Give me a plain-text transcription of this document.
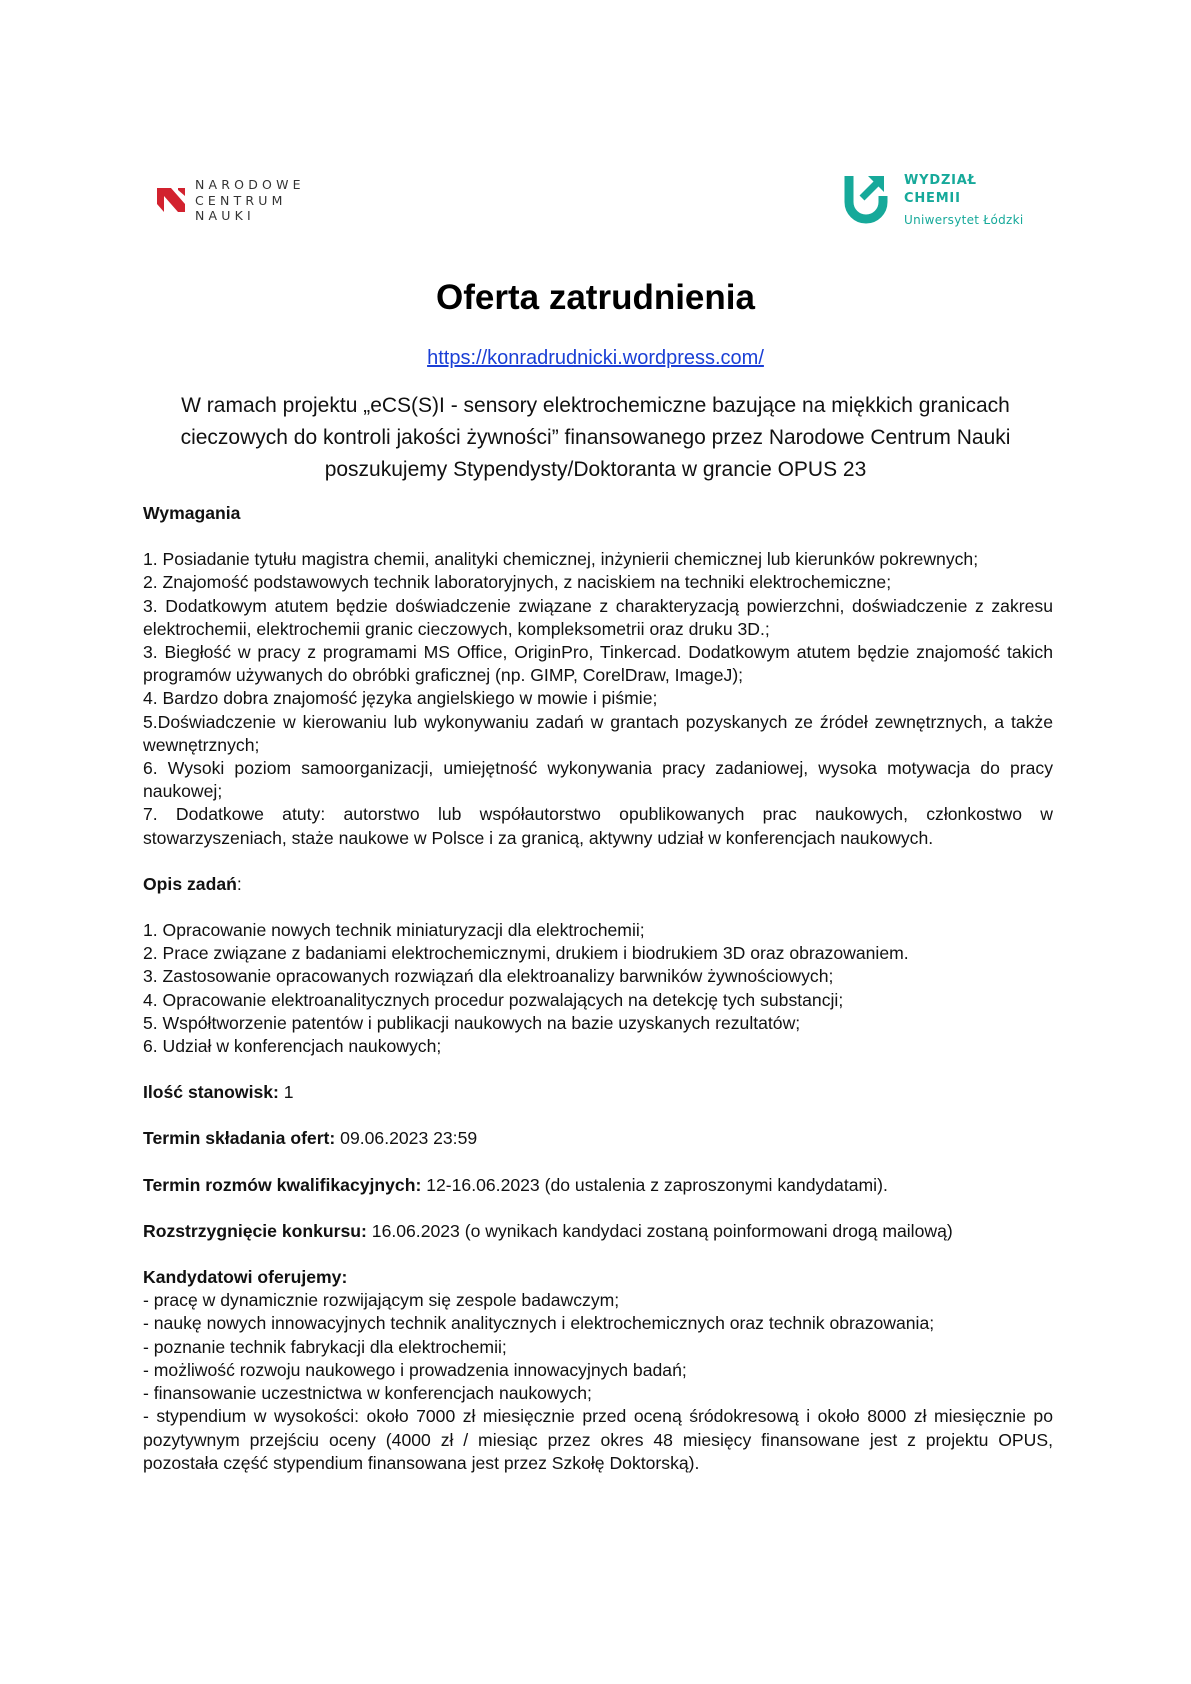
NARODOWE
CENTRUM
NAUKI
WYDZIAŁ
CHEMII
Uniwersytet Łódzki
Oferta zatrudnienia
https://konradrudnicki.wordpress.com/

W ramach projektu „eCS(S)I - sensory elektrochemiczne bazujące na miękkich granicach cieczowych do kontroli jakości żywności” finansowanego przez Narodowe Centrum Nauki poszukujemy Stypendysty/Doktoranta w grancie OPUS 23

Wymagania

1. Posiadanie tytułu magistra chemii, analityki chemicznej, inżynierii chemicznej lub kierunków pokrewnych;

2. Znajomość podstawowych technik laboratoryjnych, z naciskiem na techniki elektrochemiczne;

3. Dodatkowym atutem będzie doświadczenie związane z charakteryzacją powierzchni, doświadczenie z zakresu elektrochemii, elektrochemii granic cieczowych, kompleksometrii oraz druku 3D.;

3. Biegłość w pracy z programami MS Office, OriginPro, Tinkercad. Dodatkowym atutem będzie znajomość takich programów używanych do obróbki graficznej (np. GIMP, CorelDraw, ImageJ);

4. Bardzo dobra znajomość języka angielskiego w mowie i piśmie;

5.Doświadczenie w kierowaniu lub wykonywaniu zadań w grantach pozyskanych ze źródeł zewnętrznych, a także wewnętrznych;

6. Wysoki poziom samoorganizacji, umiejętność wykonywania pracy zadaniowej, wysoka motywacja do pracy naukowej;

7. Dodatkowe atuty: autorstwo lub współautorstwo opublikowanych prac naukowych, członkostwo w stowarzyszeniach, staże naukowe w Polsce i za granicą, aktywny udział w konferencjach naukowych.

Opis zadań:

1. Opracowanie nowych technik miniaturyzacji dla elektrochemii;

2. Prace związane z badaniami elektrochemicznymi, drukiem i biodrukiem 3D oraz obrazowaniem.

3. Zastosowanie opracowanych rozwiązań dla elektroanalizy barwników żywnościowych;

4. Opracowanie elektroanalitycznych procedur pozwalających na detekcję tych substancji;

5. Współtworzenie patentów i publikacji naukowych na bazie uzyskanych rezultatów;

6. Udział w konferencjach naukowych;

Ilość stanowisk: 1

Termin składania ofert: 09.06.2023 23:59

Termin rozmów kwalifikacyjnych: 12-16.06.2023 (do ustalenia z zaproszonymi kandydatami).

Rozstrzygnięcie konkursu: 16.06.2023 (o wynikach kandydaci zostaną poinformowani drogą mailową)

Kandydatowi oferujemy:

- pracę w dynamicznie rozwijającym się zespole badawczym;

- naukę nowych innowacyjnych technik analitycznych i elektrochemicznych oraz technik obrazowania;

- poznanie technik fabrykacji dla elektrochemii;

- możliwość rozwoju naukowego i prowadzenia innowacyjnych badań;

- finansowanie uczestnictwa w konferencjach naukowych;

- stypendium w wysokości: około 7000 zł miesięcznie przed oceną śródokresową i około 8000 zł miesięcznie po pozytywnym przejściu oceny (4000 zł / miesiąc przez okres 48 miesięcy finansowane jest z projektu OPUS, pozostała część stypendium finansowana jest przez Szkołę Doktorską).
